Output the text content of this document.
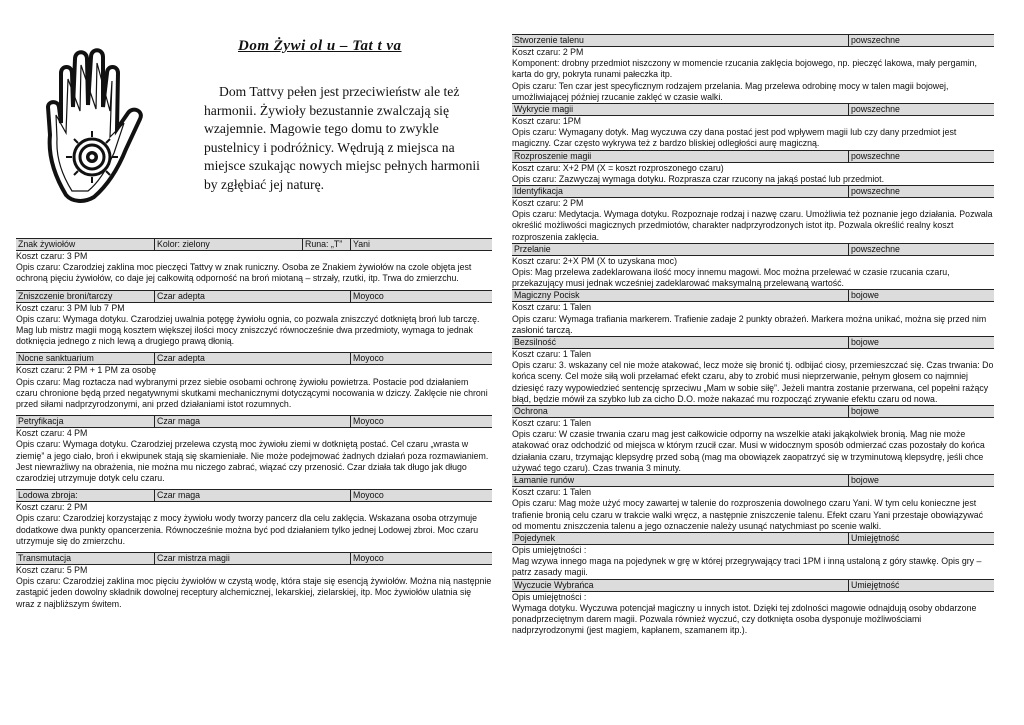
Dom Żywi ol u – Tat t va
Dom Tattvy pełen jest przeciwieństw ale też harmonii. Żywioły bezustannie zwalczają się wzajemnie. Magowie tego domu to zwykle pustelnicy i podróżnicy. Wędrują z miejsca na miejsce szukając nowych miejsc pełnych harmonii by zgłębiać jej naturę.
Znak żywiołów	Kolor: zielony	Runa: „T”	Yani
Koszt czaru: 3 PM
Opis czaru: Czarodziej zaklina moc pieczęci Tattvy w znak runiczny. Osoba ze Znakiem żywiołów na czole objęta jest ochroną pięciu żywiołów, co daje jej całkowitą odporność na broń miotaną – strzały, rzutki, itp. Trwa do zmierzchu.
Zniszczenie broni/tarczy	Czar adepta	Moyoco
Koszt czaru: 3 PM lub 7 PM
Opis czaru: Wymaga dotyku. Czarodziej uwalnia potęgę żywiołu ognia, co pozwala zniszczyć dotkniętą broń lub tarczę. Mag lub mistrz magii mogą kosztem większej ilości mocy zniszczyć równocześnie dwa przedmioty, wymaga to jednak dotknięcia jednego z nich lewą a drugiego prawą dłonią.
Nocne sanktuarium	Czar adepta	Moyoco
Koszt czaru: 2 PM + 1 PM za osobę
Opis czaru: Mag roztacza nad wybranymi przez siebie osobami ochronę żywiołu powietrza. Postacie pod działaniem czaru chronione będą przed negatywnymi skutkami mechanicznymi dotyczącymi nocowania w dziczy. Zaklęcie nie chroni przed siłami nadprzyrodzonymi, ani przed działaniami istot rozumnych.
Petryfikacja	Czar maga	Moyoco
Koszt czaru: 4 PM
Opis czaru: Wymaga dotyku. Czarodziej przelewa czystą moc żywiołu ziemi w dotkniętą postać. Cel czaru „wrasta w ziemię” a jego ciało, broń i ekwipunek stają się skamieniałe. Nie może podejmować żadnych działań poza rozmawianiem. Jest niewrażliwy na obrażenia, nie można mu niczego zabrać, wiązać czy przenosić. Czar działa tak długo jak długo czarodziej utrzymuje dotyk celu czaru.
Lodowa zbroja:	Czar maga	Moyoco
Koszt czaru: 2 PM
Opis czaru: Czarodziej korzystając z mocy żywiołu wody tworzy pancerz dla celu zaklęcia. Wskazana osoba otrzymuje dodatkowe dwa punkty opancerzenia. Równocześnie można być pod działaniem tylko jednej Lodowej zbroi. Moc czaru utrzymuje się do zmierzchu.
Transmutacja	Czar mistrza magii	Moyoco
Koszt czaru: 5 PM
Opis czaru: Czarodziej zaklina moc pięciu żywiołów w czystą wodę, która staje się esencją żywiołów. Można nią następnie zastąpić jeden dowolny składnik dowolnej receptury alchemicznej, lekarskiej, zielarskiej, itp. Moc żywiołów ulatnia się wraz z najbliższym świtem.
Stworzenie talenu	powszechne
Koszt czaru: 2 PM
Komponent: drobny przedmiot niszczony w momencie rzucania zaklęcia bojowego, np. pieczęć lakowa, mały pergamin, karta do gry, pokryta runami pałeczka itp.
Opis czaru: Ten czar jest specyficznym rodzajem przelania. Mag przelewa odrobinę mocy w talen magii bojowej, umożliwiającej później rzucanie zaklęć w czasie walki.
Wykrycie magii	powszechne
Koszt czaru: 1PM
Opis czaru: Wymagany dotyk. Mag wyczuwa czy dana postać jest pod wpływem magii lub czy dany przedmiot jest magiczny. Czar często wykrywa też z bardzo bliskiej odległości aurę magiczną.
Rozproszenie magii	powszechne
Koszt czaru: X+2 PM (X = koszt rozproszonego czaru)
Opis czaru: Zazwyczaj wymaga dotyku. Rozprasza czar rzucony na jakąś postać lub przedmiot.
Identyfikacja	powszechne
Koszt czaru: 2 PM
Opis czaru: Medytacja. Wymaga dotyku. Rozpoznaje rodzaj i nazwę czaru. Umożliwia też poznanie jego działania. Pozwala określić możliwości magicznych przedmiotów, charakter nadprzyrodzonych istot itp. Pozwala określić realny koszt rozproszenia zaklęcia.
Przelanie	powszechne
Koszt czaru: 2+X PM (X to uzyskana moc)
Opis: Mag przelewa zadeklarowana ilość mocy innemu magowi. Moc można przelewać w czasie rzucania czaru, przekazujący musi jednak wcześniej zadeklarować maksymalną przelewaną wartość.
Magiczny Pocisk	bojowe
Koszt czaru: 1 Talen
Opis czaru: Wymaga trafiania markerem. Trafienie zadaje 2 punkty obrażeń. Markera można unikać, można się przed nim zasłonić tarczą.
Bezsilność	bojowe
Koszt czaru: 1 Talen
Opis czaru: 3. wskazany cel nie może atakować, lecz może się bronić tj. odbijać ciosy, przemieszczać się. Czas trwania: Do końca sceny. Cel może siłą woli przełamać efekt czaru, aby to zrobić musi nieprzerwanie, pełnym głosem co najmniej dziesięć razy wypowiedzieć sentencję sprzeciwu „Mam w sobie siłę”. Jeżeli mantra zostanie przerwana, cel popełni rażący błąd, będzie mówił za szybko lub za cicho D.O. może nakazać mu rozpocząć zrywanie efektu czaru od nowa.
Ochrona	bojowe
Koszt czaru: 1 Talen
Opis czaru: W czasie trwania czaru mag jest całkowicie odporny na wszelkie ataki jakąkolwiek bronią. Mag nie może atakować oraz odchodzić od miejsca w którym rzucił czar. Musi w widocznym sposób odmierzać czas pozostały do końca działania czaru, trzymając klepsydrę przed sobą (mag ma obowiązek zaopatrzyć się w trzyminutową klepsydrę, jeśli chce używać tego czaru). Czas trwania 3 minuty.
Łamanie runów	bojowe
Koszt czaru: 1 Talen
Opis czaru: Mag może użyć mocy zawartej w talenie do rozproszenia dowolnego czaru Yani. W tym celu konieczne jest trafienie bronią celu czaru w trakcie walki wręcz, a następnie zniszczenie talenu. Efekt czaru Yani przestaje obowiązywać od momentu zniszczenia talenu a jego oznaczenie należy usunąć natychmiast po scenie walki.
Pojedynek	Umiejętność
Opis umiejętności :
Mag wzywa innego maga na pojedynek w grę w której przegrywający traci 1PM i inną ustaloną z góry stawkę. Opis gry – patrz zasady magii.
Wyczucie Wybrańca	Umiejętność
Opis umiejętności :
Wymaga dotyku. Wyczuwa potencjał magiczny u innych istot. Dzięki tej zdolności magowie odnajdują osoby obdarzone ponadprzeciętnym darem magii. Pozwala również wyczuć, czy dotknięta osoba dysponuje możliwościami nadprzyrodzonymi (jest magiem, kapłanem, szamanem itp.).
